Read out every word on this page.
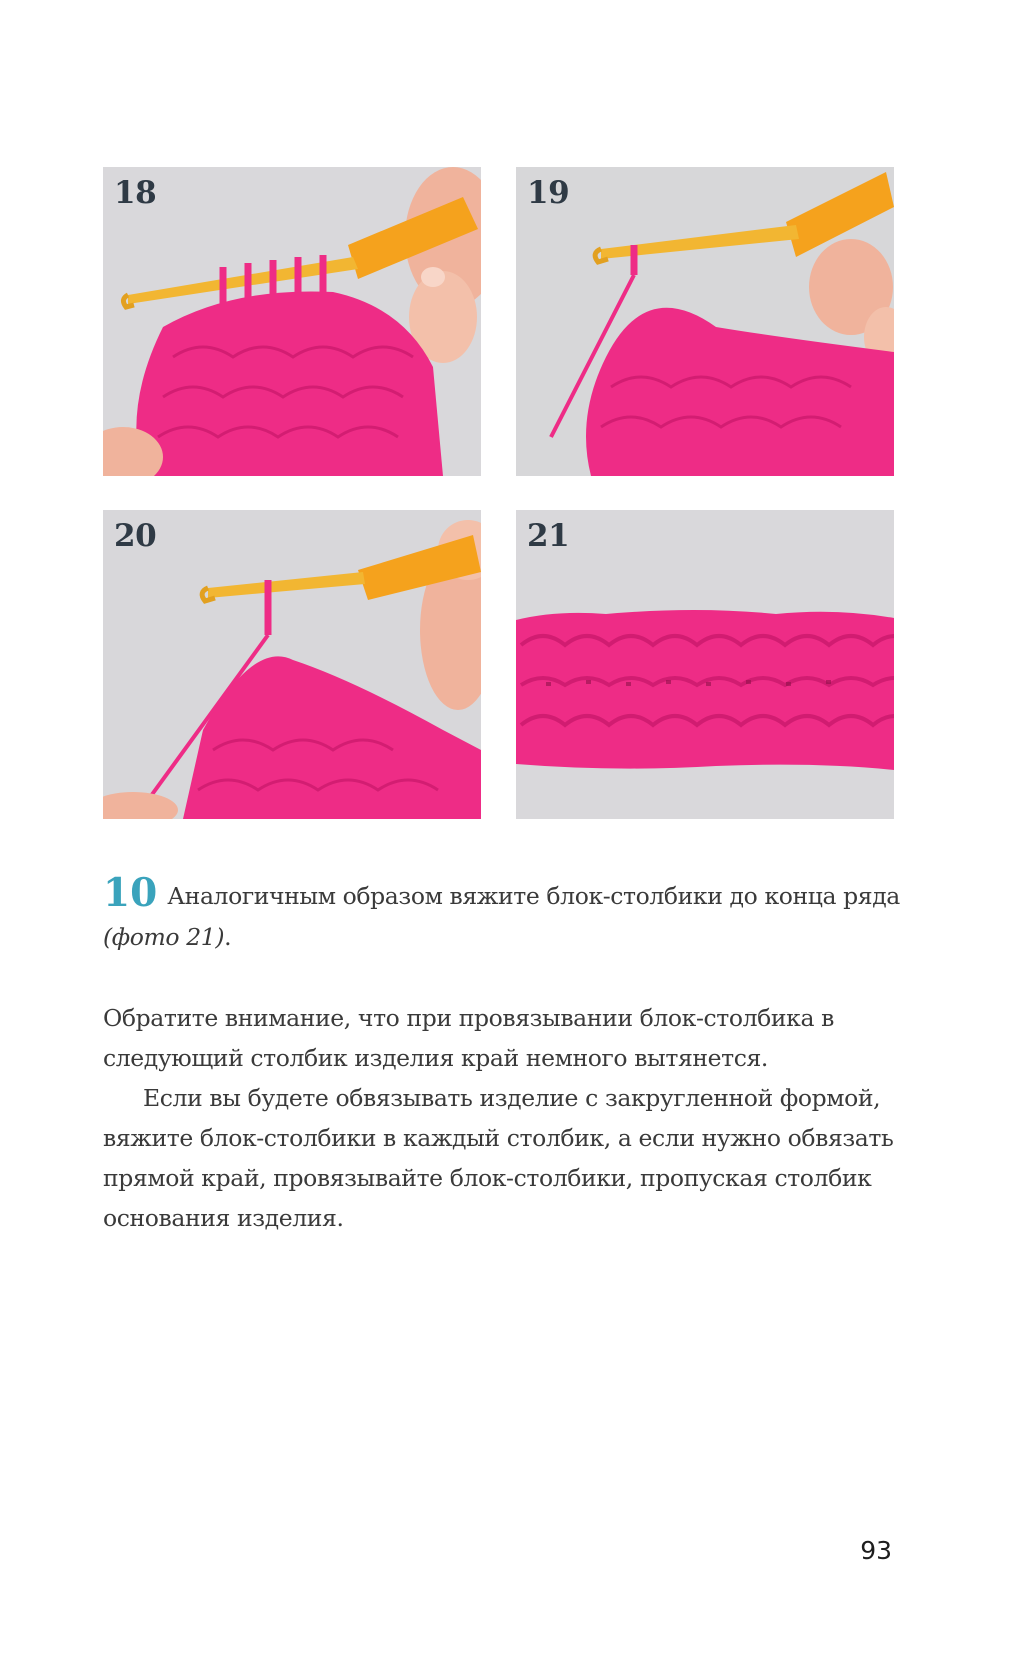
18	19
20	21
10 Аналогичным образом вяжите блок-столбики до конца ряда (фото 21).

Обратите внимание, что при провязывании блок-столбика в следующий столбик изделия край немного вытянется.

Если вы будете обвязывать изделие с закругленной формой, вяжите блок-столбики в каждый столбик, а если нужно обвязать прямой край, провязывайте блок-столбики, пропуская столбик основания изделия.

93
